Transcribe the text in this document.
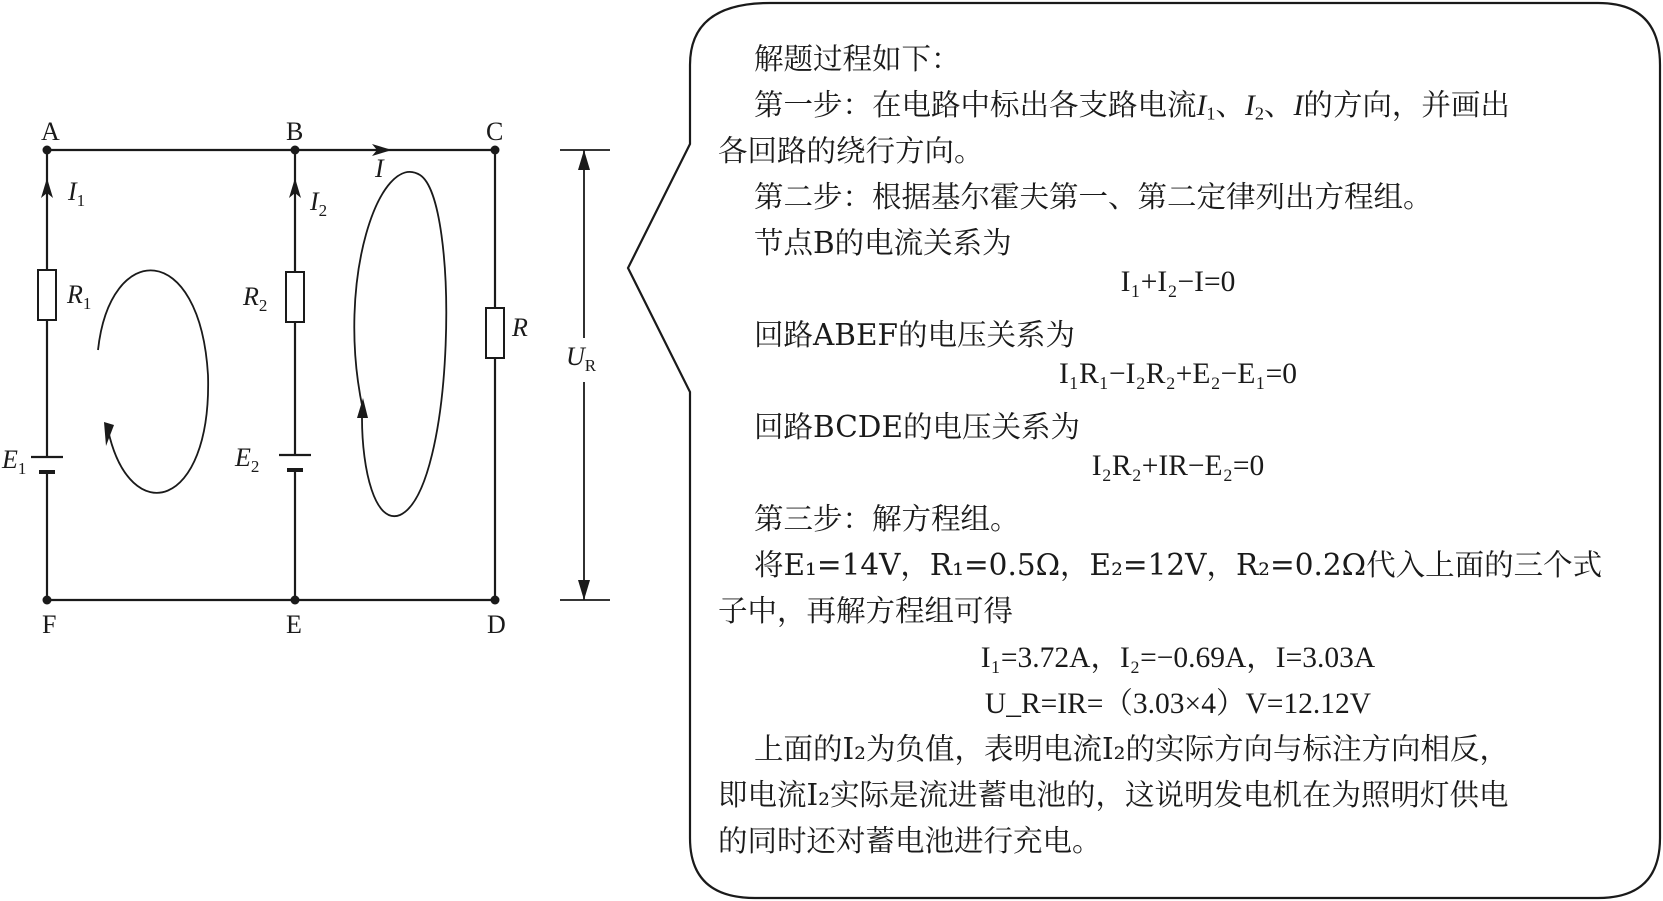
A	B	C
D
E
F
$I_1$	$I_2$
I
$R_1$	$R_2$
R
$E_1$	$E_2$
$U_R$
解题过程如下：
第一步：在电路中标出各支路电流$I_1$、$I_2$、I的方向，并画出
各回路的绕行方向。
第二步：根据基尔霍夫第一、第二定律列出方程组。
节点B的电流关系为
I₁+I₂−I=0
回路ABEF的电压关系为
I₁R₁−I₂R₂+E₂−E₁=0
回路BCDE的电压关系为
I₂R₂+IR−E₂=0
第三步：解方程组。
将E₁=14V，R₁=0.5Ω，E₂=12V，R₂=0.2Ω代入上面的三个式
子中，再解方程组可得
I₁=3.72A，I₂=−0.69A，I=3.03A
U_R=IR=（3.03×4）V=12.12V
上面的I₂为负值，表明电流I₂的实际方向与标注方向相反，
即电流I₂实际是流进蓄电池的，这说明发电机在为照明灯供电
的同时还对蓄电池进行充电。
